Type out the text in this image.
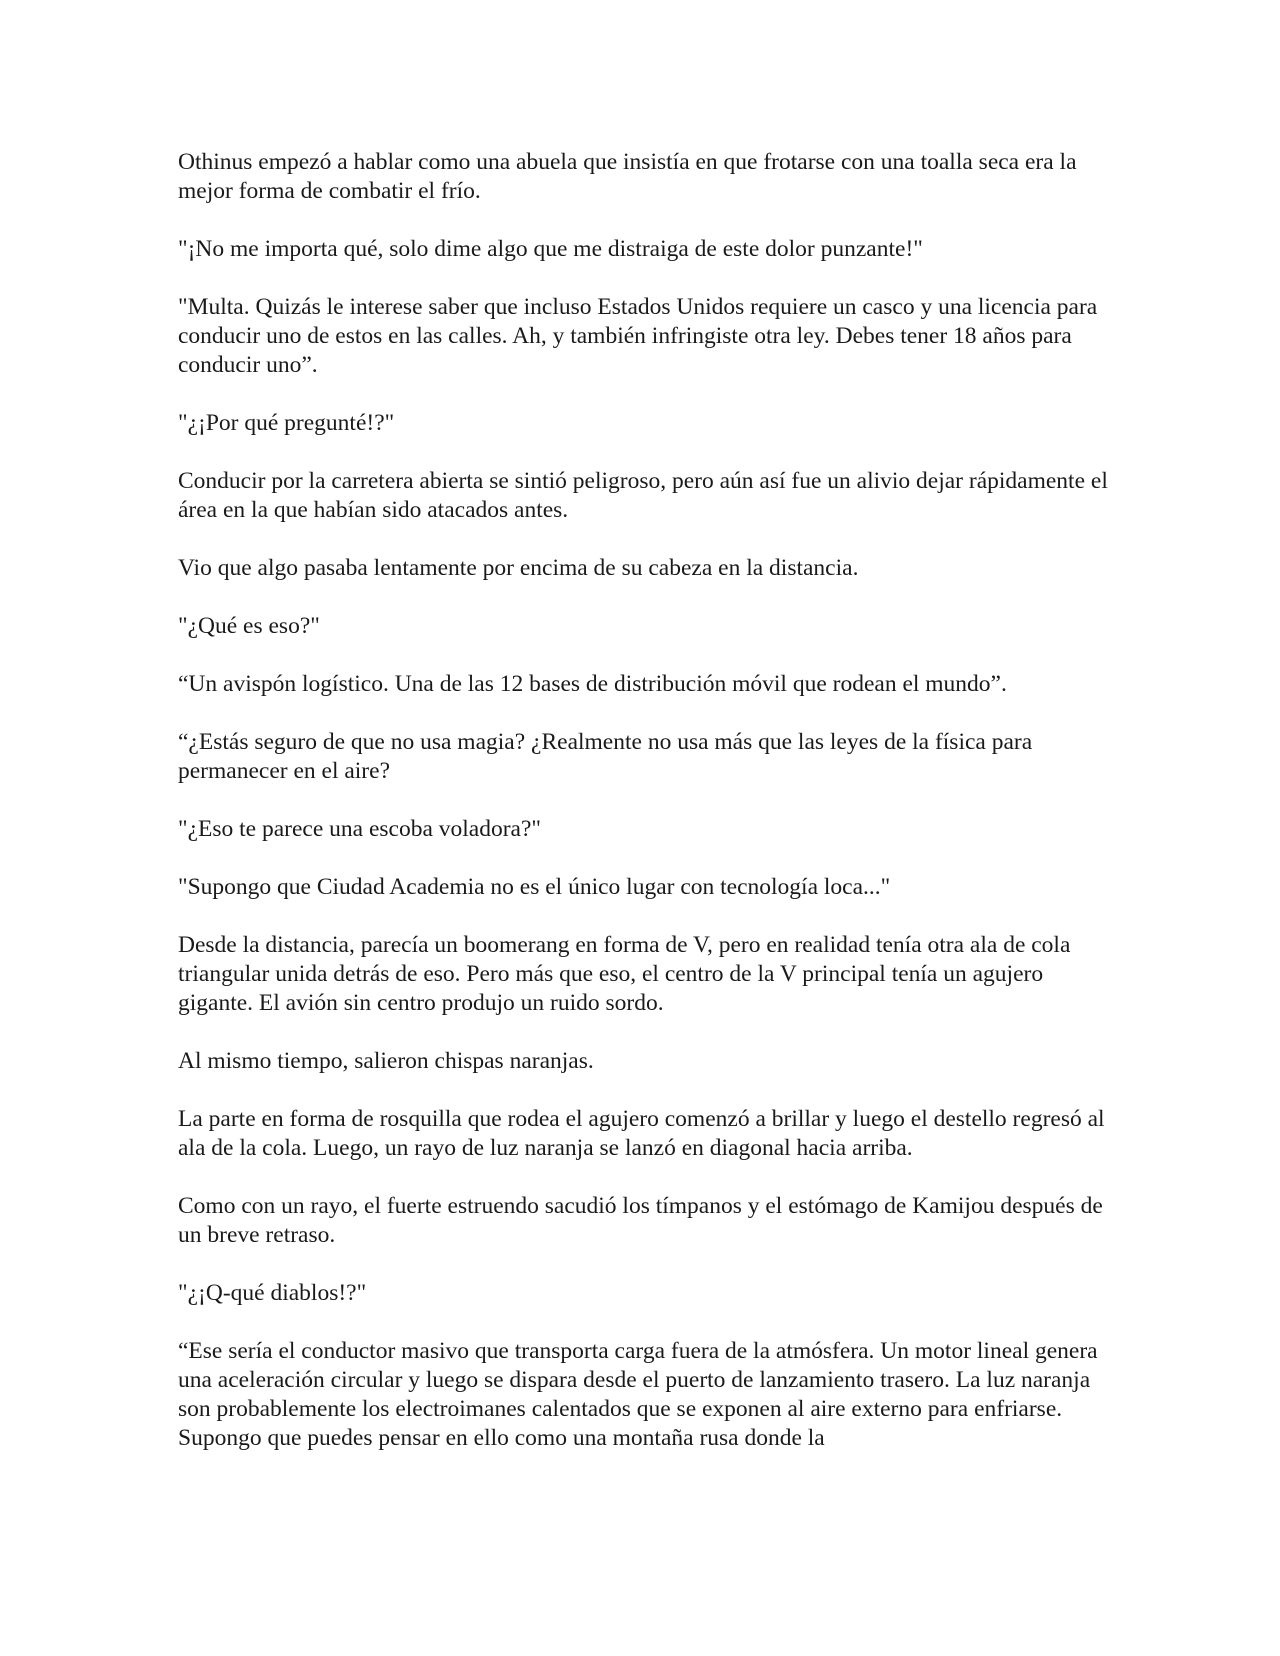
Othinus empezó a hablar como una abuela que insistía en que frotarse con una toalla seca era la mejor forma de combatir el frío.

"¡No me importa qué, solo dime algo que me distraiga de este dolor punzante!"

"Multa. Quizás le interese saber que incluso Estados Unidos requiere un casco y una licencia para conducir uno de estos en las calles. Ah, y también infringiste otra ley. Debes tener 18 años para conducir uno”.

"¿¡Por qué pregunté!?"

Conducir por la carretera abierta se sintió peligroso, pero aún así fue un alivio dejar rápidamente el área en la que habían sido atacados antes.

Vio que algo pasaba lentamente por encima de su cabeza en la distancia.

"¿Qué es eso?"

“Un avispón logístico. Una de las 12 bases de distribución móvil que rodean el mundo”.

“¿Estás seguro de que no usa magia? ¿Realmente no usa más que las leyes de la física para permanecer en el aire?

"¿Eso te parece una escoba voladora?"

"Supongo que Ciudad Academia no es el único lugar con tecnología loca..."

Desde la distancia, parecía un boomerang en forma de V, pero en realidad tenía otra ala de cola triangular unida detrás de eso. Pero más que eso, el centro de la V principal tenía un agujero gigante. El avión sin centro produjo un ruido sordo.

Al mismo tiempo, salieron chispas naranjas.

La parte en forma de rosquilla que rodea el agujero comenzó a brillar y luego el destello regresó al ala de la cola. Luego, un rayo de luz naranja se lanzó en diagonal hacia arriba.

Como con un rayo, el fuerte estruendo sacudió los tímpanos y el estómago de Kamijou después de un breve retraso.

"¿¡Q-qué diablos!?"

“Ese sería el conductor masivo que transporta carga fuera de la atmósfera. Un motor lineal genera una aceleración circular y luego se dispara desde el puerto de lanzamiento trasero. La luz naranja son probablemente los electroimanes calentados que se exponen al aire externo para enfriarse. Supongo que puedes pensar en ello como una montaña rusa donde la
